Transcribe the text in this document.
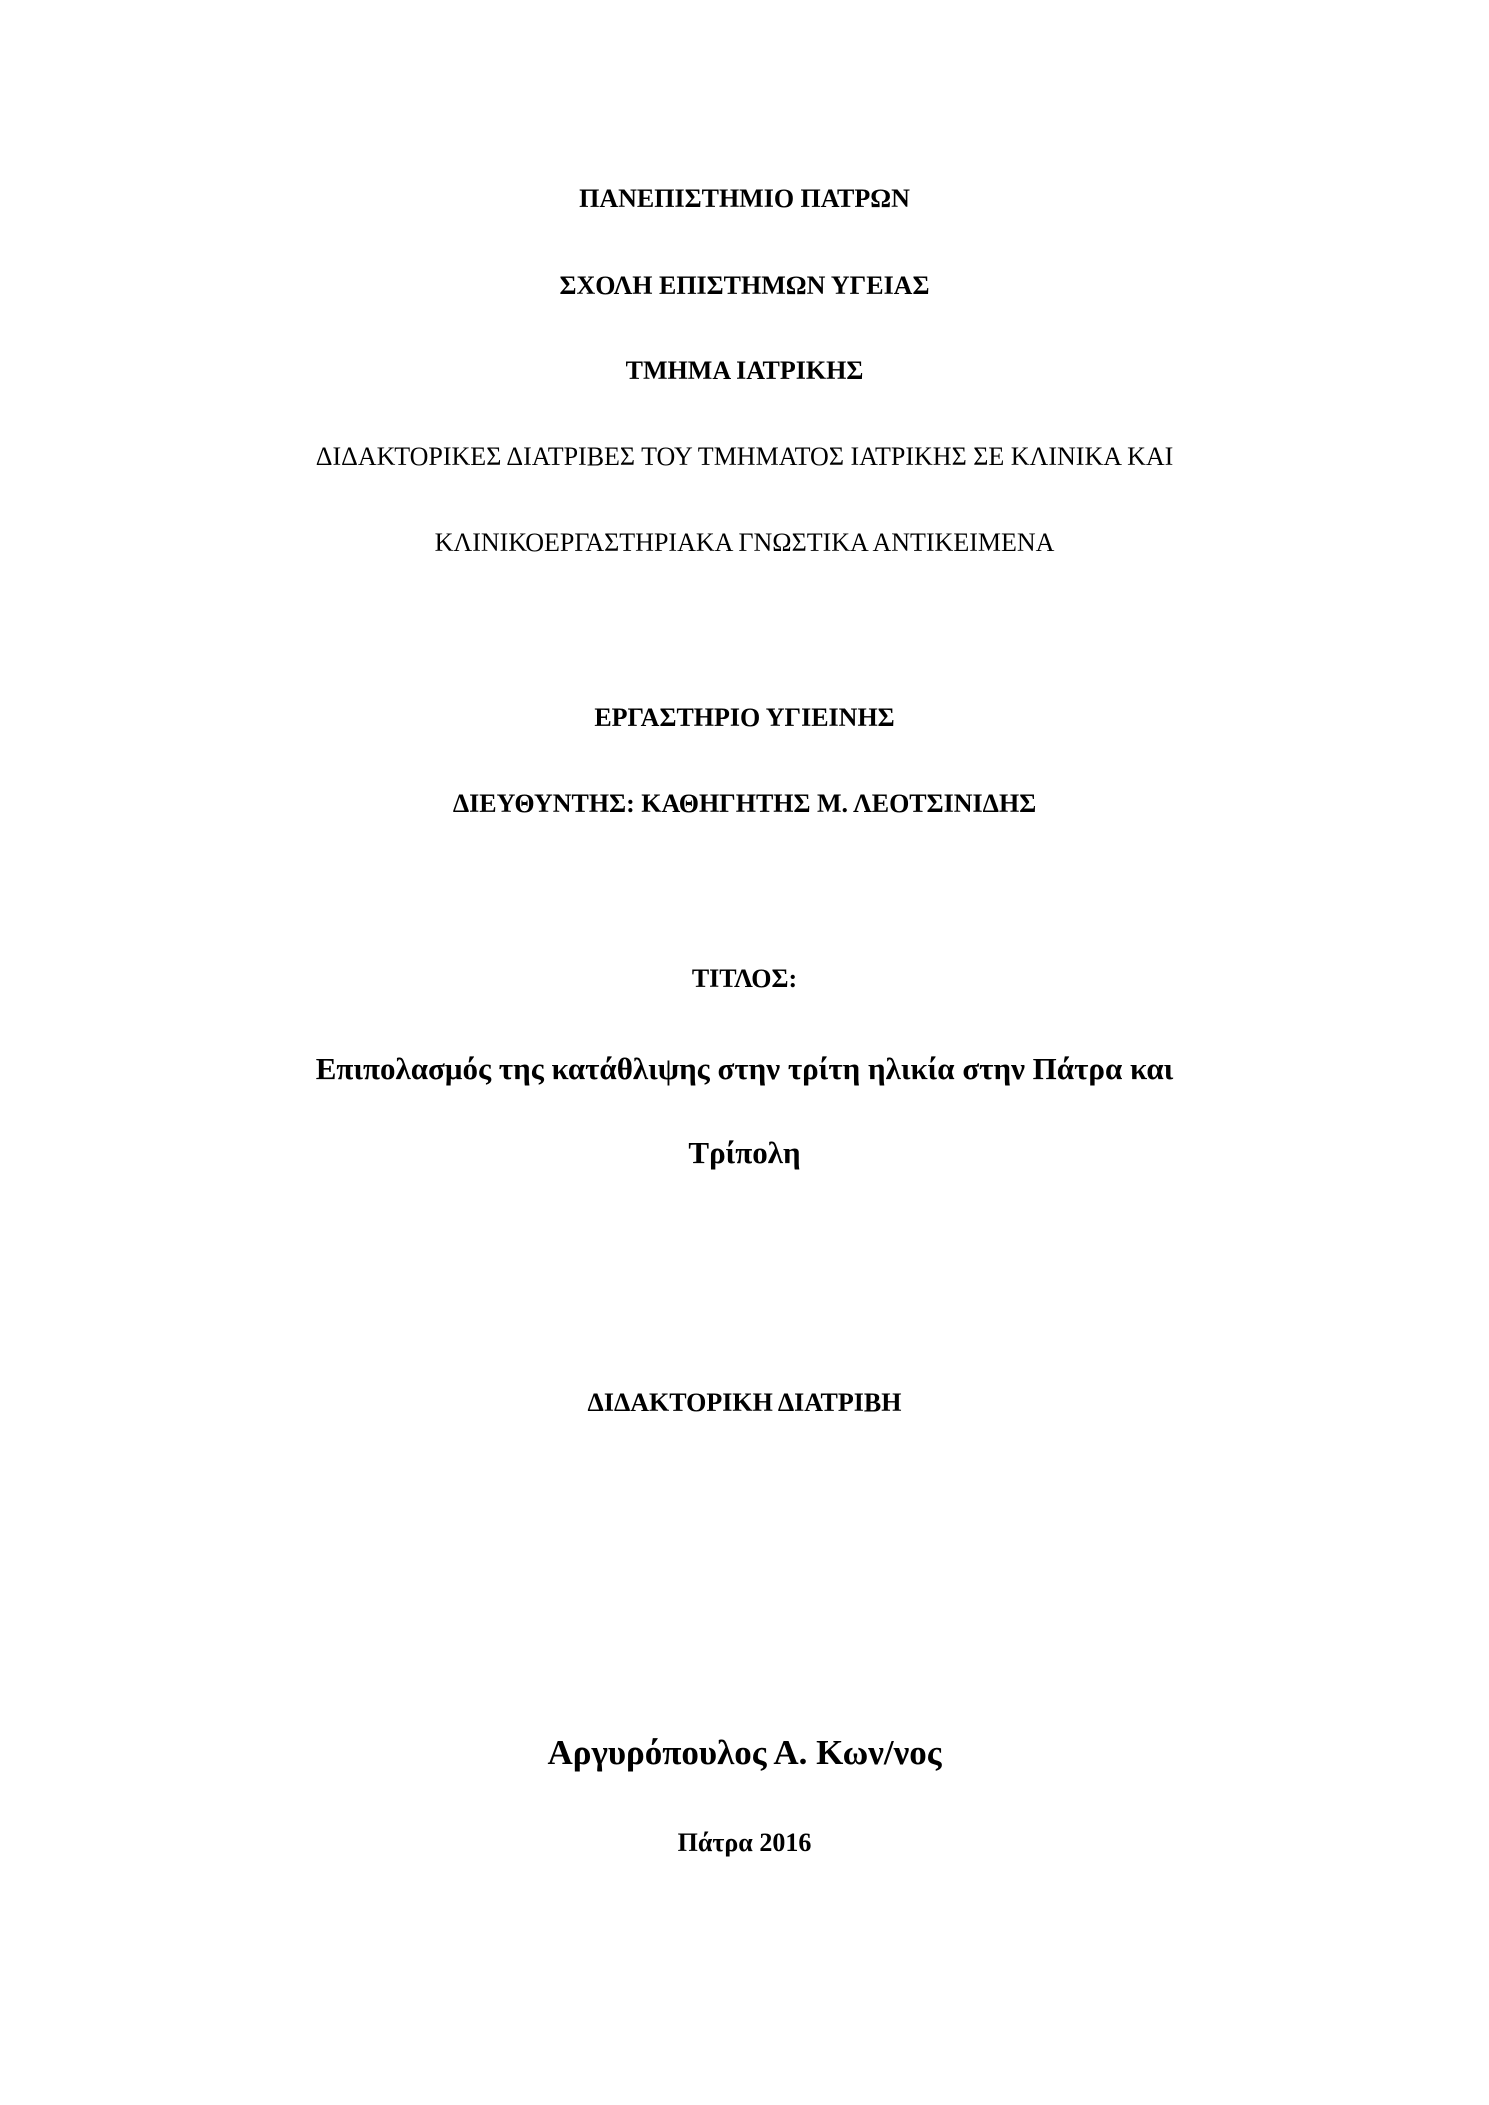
ΠΑΝΕΠΙΣΤΗΜΙΟ ΠΑΤΡΩΝ
ΣΧΟΛΗ ΕΠΙΣΤΗΜΩΝ ΥΓΕΙΑΣ
ΤΜΗΜΑ ΙΑΤΡΙΚΗΣ
ΔΙΔΑΚΤΟΡΙΚΕΣ ΔΙΑΤΡΙΒΕΣ ΤΟΥ ΤΜΗΜΑΤΟΣ ΙΑΤΡΙΚΗΣ ΣΕ ΚΛΙΝΙΚΑ ΚΑΙ
ΚΛΙΝΙΚΟΕΡΓΑΣΤΗΡΙΑΚΑ ΓΝΩΣΤΙΚΑ ΑΝΤΙΚΕΙΜΕΝΑ
ΕΡΓΑΣΤΗΡΙΟ ΥΓΙΕΙΝΗΣ
ΔΙΕΥΘΥΝΤΗΣ: ΚΑΘΗΓΗΤΗΣ Μ. ΛΕΟΤΣΙΝΙΔΗΣ
ΤΙΤΛΟΣ:
Επιπολασμός της κατάθλιψης στην τρίτη ηλικία στην Πάτρα και
Τρίπολη
ΔΙΔΑΚΤΟΡΙΚΗ ΔΙΑΤΡΙΒΗ
Αργυρόπουλος Α. Κων/νος
Πάτρα 2016
